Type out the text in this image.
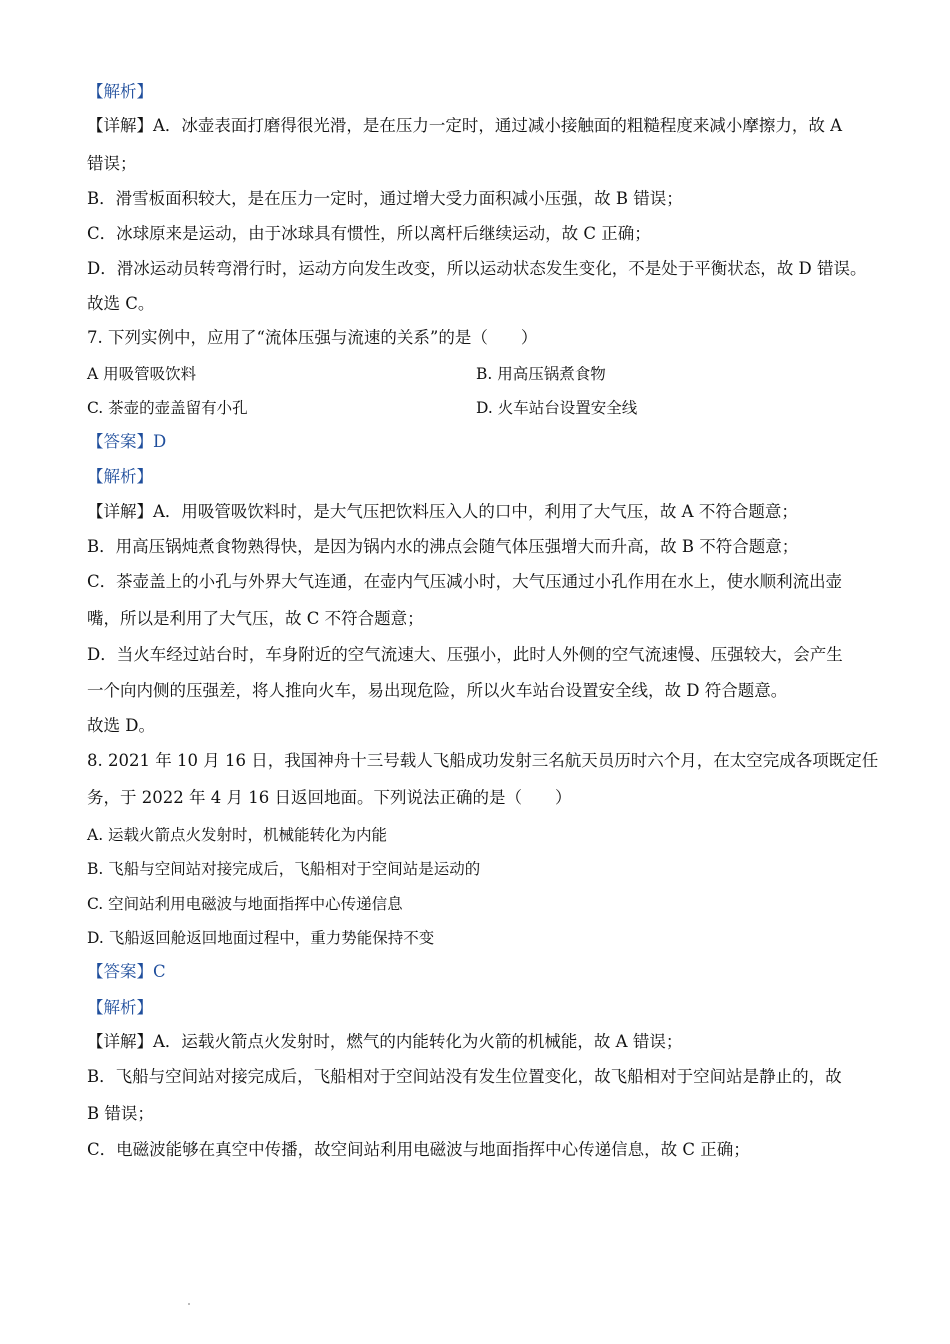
【解析】
【详解】A．冰壶表面打磨得很光滑，是在压力一定时，通过减小接触面的粗糙程度来减小摩擦力，故 A
错误；
B．滑雪板面积较大，是在压力一定时，通过增大受力面积减小压强，故 B 错误；
C．冰球原来是运动，由于冰球具有惯性，所以离杆后继续运动，故 C 正确；
D．滑冰运动员转弯滑行时，运动方向发生改变，所以运动状态发生变化，不是处于平衡状态，故 D 错误。
故选 C。
7. 下列实例中，应用了“流体压强与流速的关系”的是（　　）
A 用吸管吸饮料	B. 用高压锅煮食物
C. 茶壶的壶盖留有小孔	D. 火车站台设置安全线
【答案】D
【解析】
【详解】A．用吸管吸饮料时，是大气压把饮料压入人的口中，利用了大气压，故 A 不符合题意；
B．用高压锅炖煮食物熟得快，是因为锅内水的沸点会随气体压强增大而升高，故 B 不符合题意；
C．茶壶盖上的小孔与外界大气连通，在壶内气压减小时，大气压通过小孔作用在水上，使水顺利流出壶
嘴，所以是利用了大气压，故 C 不符合题意；
D．当火车经过站台时，车身附近的空气流速大、压强小，此时人外侧的空气流速慢、压强较大，会产生
一个向内侧的压强差，将人推向火车，易出现危险，所以火车站台设置安全线，故 D 符合题意。
故选 D。
8. 2021 年 10 月 16 日，我国神舟十三号载人飞船成功发射三名航天员历时六个月，在太空完成各项既定任
务，于 2022 年 4 月 16 日返回地面。下列说法正确的是（　　）
A. 运载火箭点火发射时，机械能转化为内能
B. 飞船与空间站对接完成后，飞船相对于空间站是运动的
C. 空间站利用电磁波与地面指挥中心传递信息
D. 飞船返回舱返回地面过程中，重力势能保持不变
【答案】C
【解析】
【详解】A．运载火箭点火发射时，燃气的内能转化为火箭的机械能，故 A 错误；
B．飞船与空间站对接完成后，飞船相对于空间站没有发生位置变化，故飞船相对于空间站是静止的，故
B 错误；
C．电磁波能够在真空中传播，故空间站利用电磁波与地面指挥中心传递信息，故 C 正确；
